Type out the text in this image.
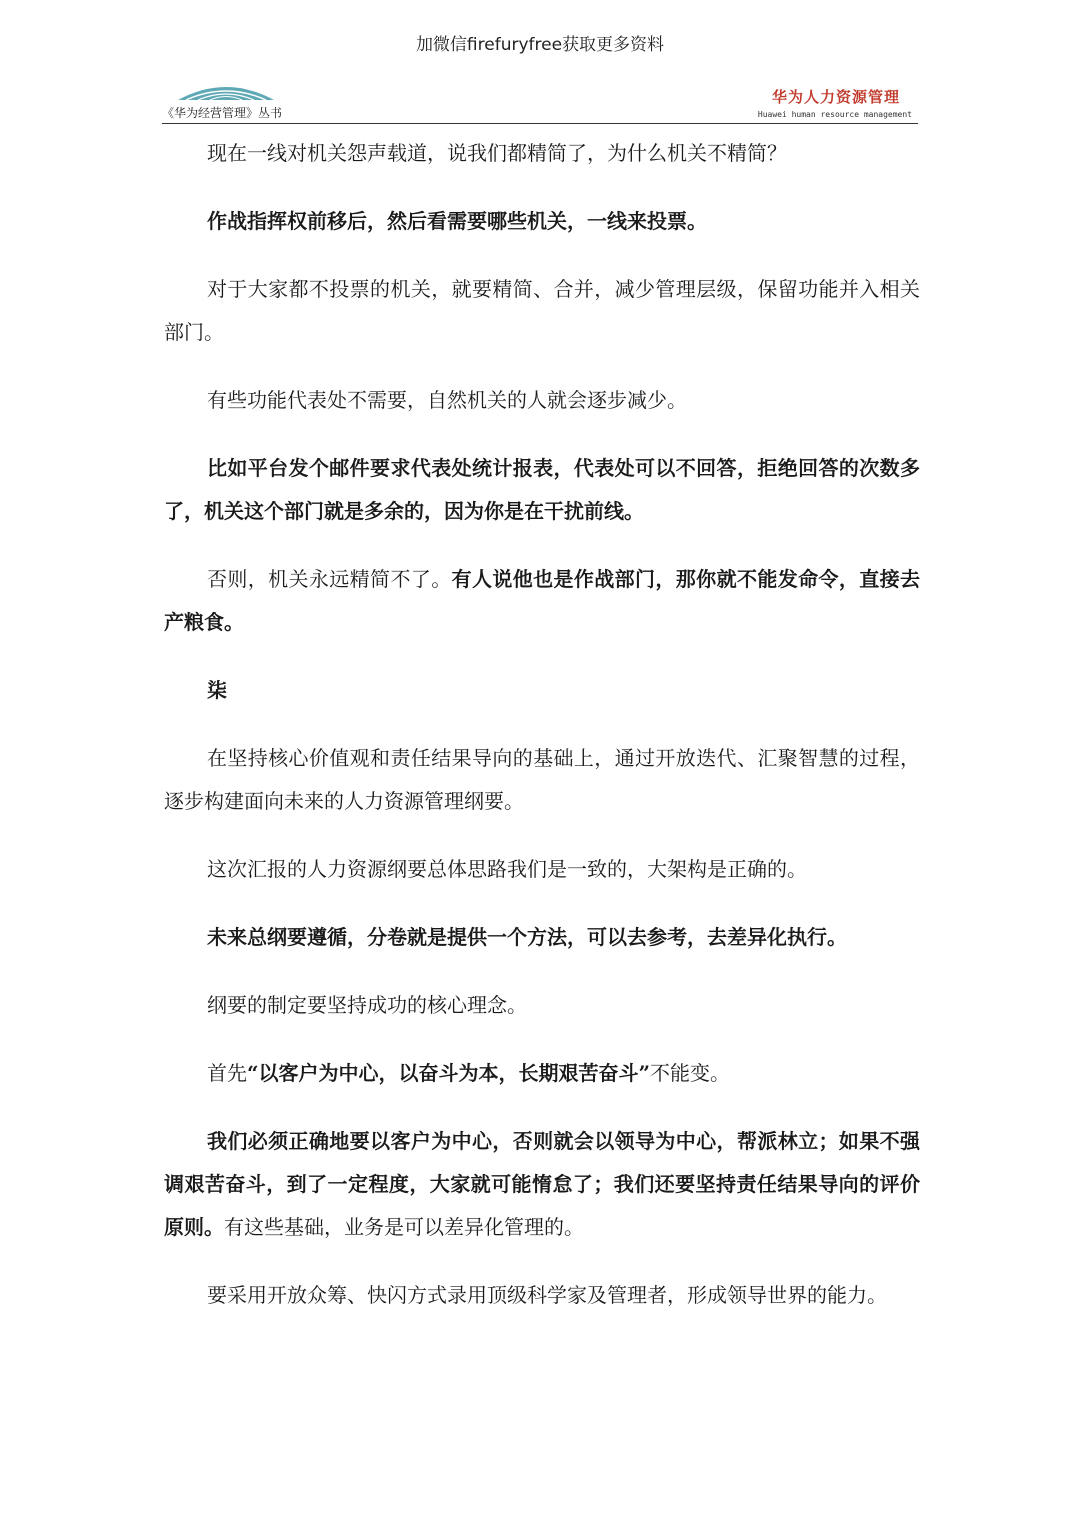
加微信firefuryfree获取更多资料
《华为经营管理》丛书
华为人力资源管理
Huawei human resource management

现在一线对机关怨声载道，说我们都精简了，为什么机关不精简？

作战指挥权前移后，然后看需要哪些机关，一线来投票。

对于大家都不投票的机关，就要精简、合并，减少管理层级，保留功能并入相关部门。

有些功能代表处不需要，自然机关的人就会逐步减少。

比如平台发个邮件要求代表处统计报表，代表处可以不回答，拒绝回答的次数多了，机关这个部门就是多余的，因为你是在干扰前线。

否则，机关永远精简不了。有人说他也是作战部门，那你就不能发命令，直接去产粮食。

柒

在坚持核心价值观和责任结果导向的基础上，通过开放迭代、汇聚智慧的过程，逐步构建面向未来的人力资源管理纲要。

这次汇报的人力资源纲要总体思路我们是一致的，大架构是正确的。

未来总纲要遵循，分卷就是提供一个方法，可以去参考，去差异化执行。

纲要的制定要坚持成功的核心理念。

首先“以客户为中心，以奋斗为本，长期艰苦奋斗”不能变。

我们必须正确地要以客户为中心，否则就会以领导为中心，帮派林立；如果不强调艰苦奋斗，到了一定程度，大家就可能惰怠了；我们还要坚持责任结果导向的评价原则。有这些基础，业务是可以差异化管理的。

要采用开放众筹、快闪方式录用顶级科学家及管理者，形成领导世界的能力。
